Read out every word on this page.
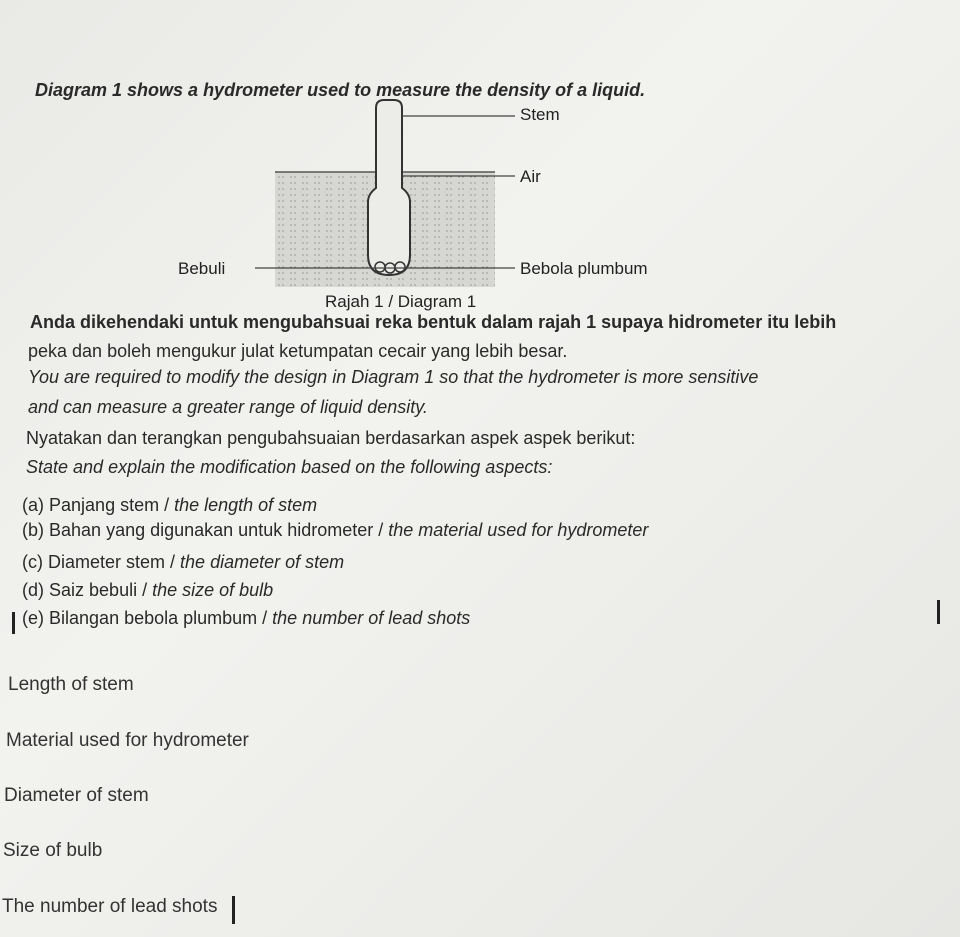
Diagram 1 shows a hydrometer used to measure the density of a liquid.
Stem
Air
Bebuli	Bebola plumbum
Rajah 1 / Diagram 1
Anda dikehendaki untuk mengubahsuai reka bentuk dalam rajah 1 supaya hidrometer itu lebih
peka dan boleh mengukur julat ketumpatan cecair yang lebih besar.
You are required to modify the design in Diagram 1 so that the hydrometer is more sensitive
and can measure a greater range of liquid density.
Nyatakan dan terangkan pengubahsuaian berdasarkan aspek aspek berikut:
State and explain the modification based on the following aspects:
(a) Panjang stem / the length of stem
(b) Bahan yang digunakan untuk hidrometer / the material used for hydrometer
(c) Diameter stem / the diameter of stem
(d) Saiz bebuli / the size of bulb
(e) Bilangan bebola plumbum / the number of lead shots
Length of stem
Material used for hydrometer
Diameter of stem
Size of bulb
The number of lead shots
